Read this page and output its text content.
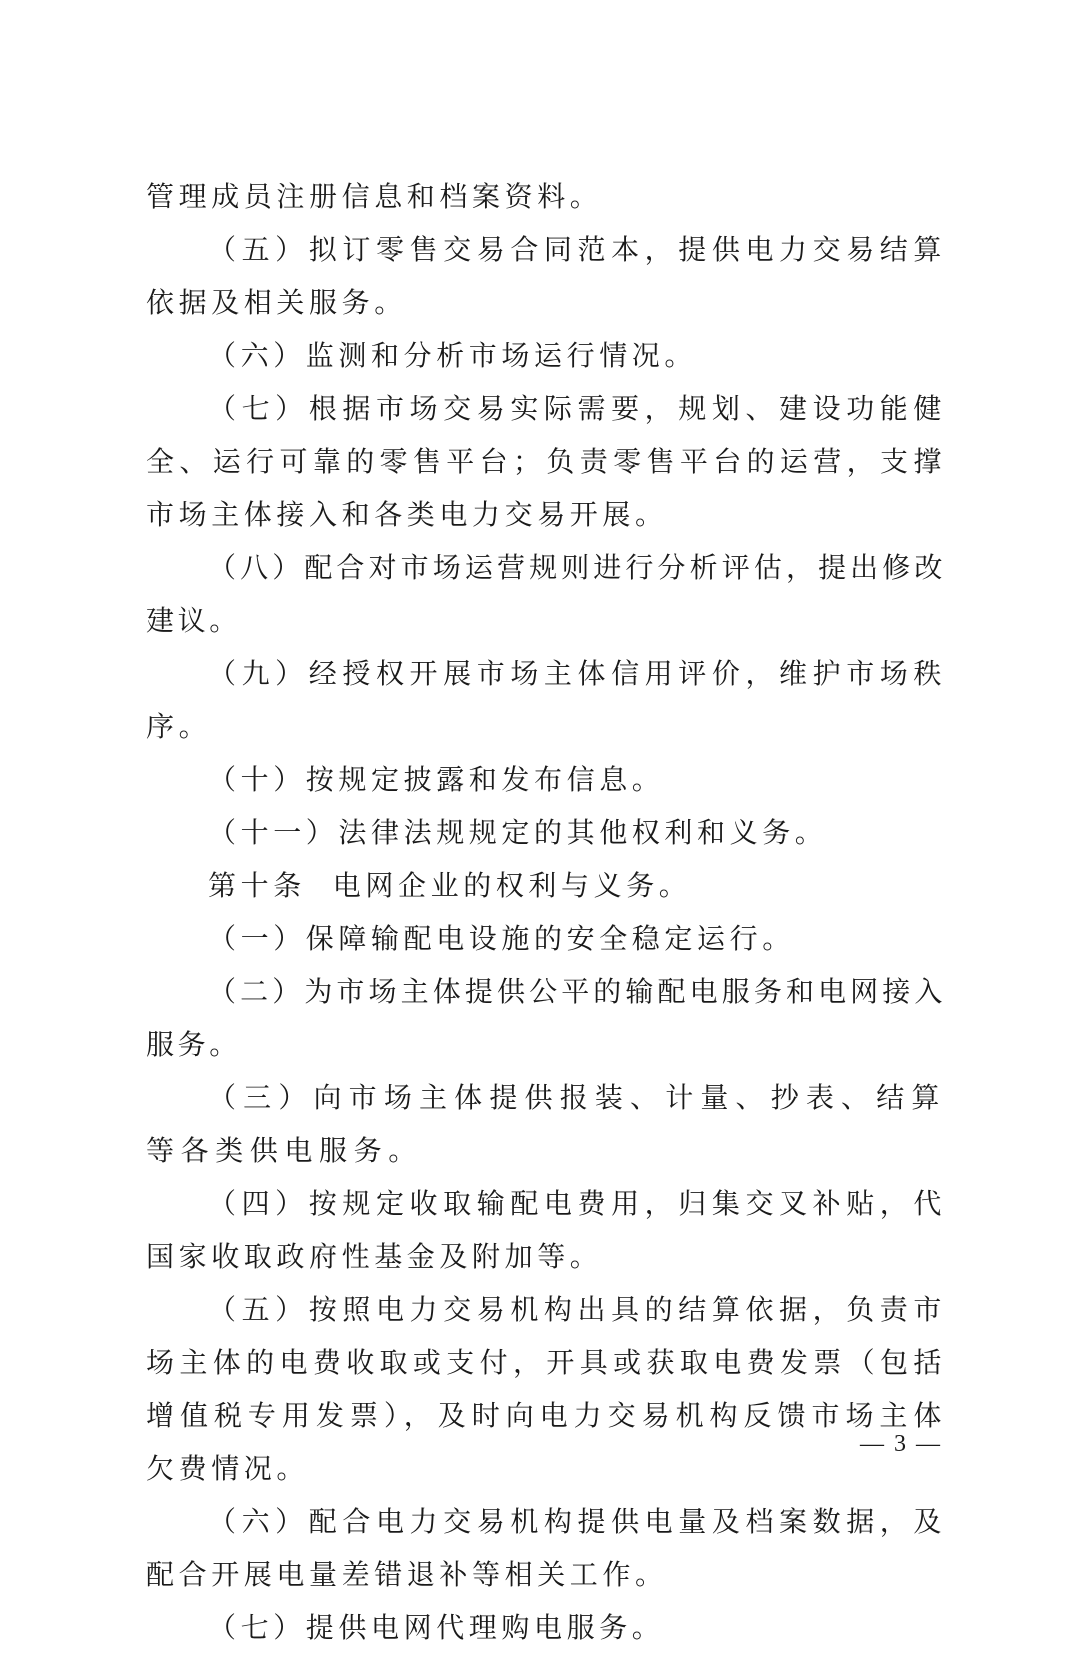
管理成员注册信息和档案资料。

（五）拟订零售交易合同范本，提供电力交易结算依据及相关服务。

（六）监测和分析市场运行情况。

（七）根据市场交易实际需要，规划、建设功能健全、运行可靠的零售平台；负责零售平台的运营，支撑市场主体接入和各类电力交易开展。

（八）配合对市场运营规则进行分析评估，提出修改建议。

（九）经授权开展市场主体信用评价，维护市场秩序。

（十）按规定披露和发布信息。

（十一）法律法规规定的其他权利和义务。

第十条  电网企业的权利与义务。

（一）保障输配电设施的安全稳定运行。

（二）为市场主体提供公平的输配电服务和电网接入服务。

（三）向市场主体提供报装、计量、抄表、结算等各类供电服务。

（四）按规定收取输配电费用，归集交叉补贴，代国家收取政府性基金及附加等。

（五）按照电力交易机构出具的结算依据，负责市场主体的电费收取或支付，开具或获取电费发票（包括增值税专用发票），及时向电力交易机构反馈市场主体欠费情况。

（六）配合电力交易机构提供电量及档案数据，及配合开展电量差错退补等相关工作。

（七）提供电网代理购电服务。

— 3 —
